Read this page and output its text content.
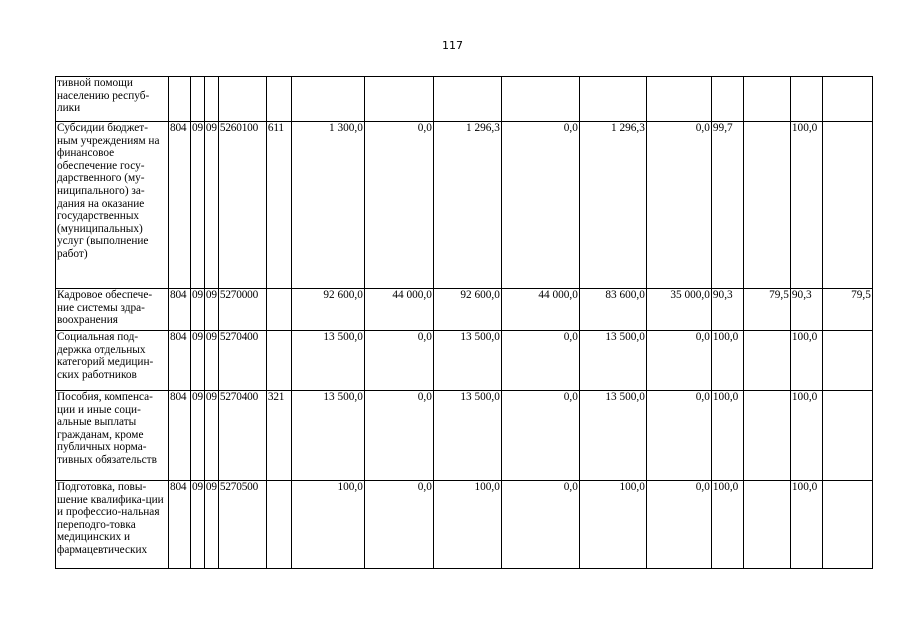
117
тивной помощи населению респуб-лики															
Субсидии бюджет-ным учреждениям на финансовое обеспечение госу-дарственного (му-ниципального) за-дания на оказание государственных (муниципальных) услуг (выполнение работ)	804	09	09	5260100	611	1 300,0	0,0	1 296,3	0,0	1 296,3	0,0	99,7		100,0	
Кадровое обеспече-ние системы здра-воохранения	804	09	09	5270000		92 600,0	44 000,0	92 600,0	44 000,0	83 600,0	35 000,0	90,3	79,5	90,3	79,5
Социальная под-держка отдельных категорий медицин-ских работников	804	09	09	5270400		13 500,0	0,0	13 500,0	0,0	13 500,0	0,0	100,0		100,0	
Пособия, компенса-ции и иные соци-альные выплаты гражданам, кроме публичных норма-тивных обязательств	804	09	09	5270400	321	13 500,0	0,0	13 500,0	0,0	13 500,0	0,0	100,0		100,0	
Подготовка, повы-шение квалифика-ции и профессио-нальная переподго-товка медицинских и фармацевтических	804	09	09	5270500		100,0	0,0	100,0	0,0	100,0	0,0	100,0		100,0	
